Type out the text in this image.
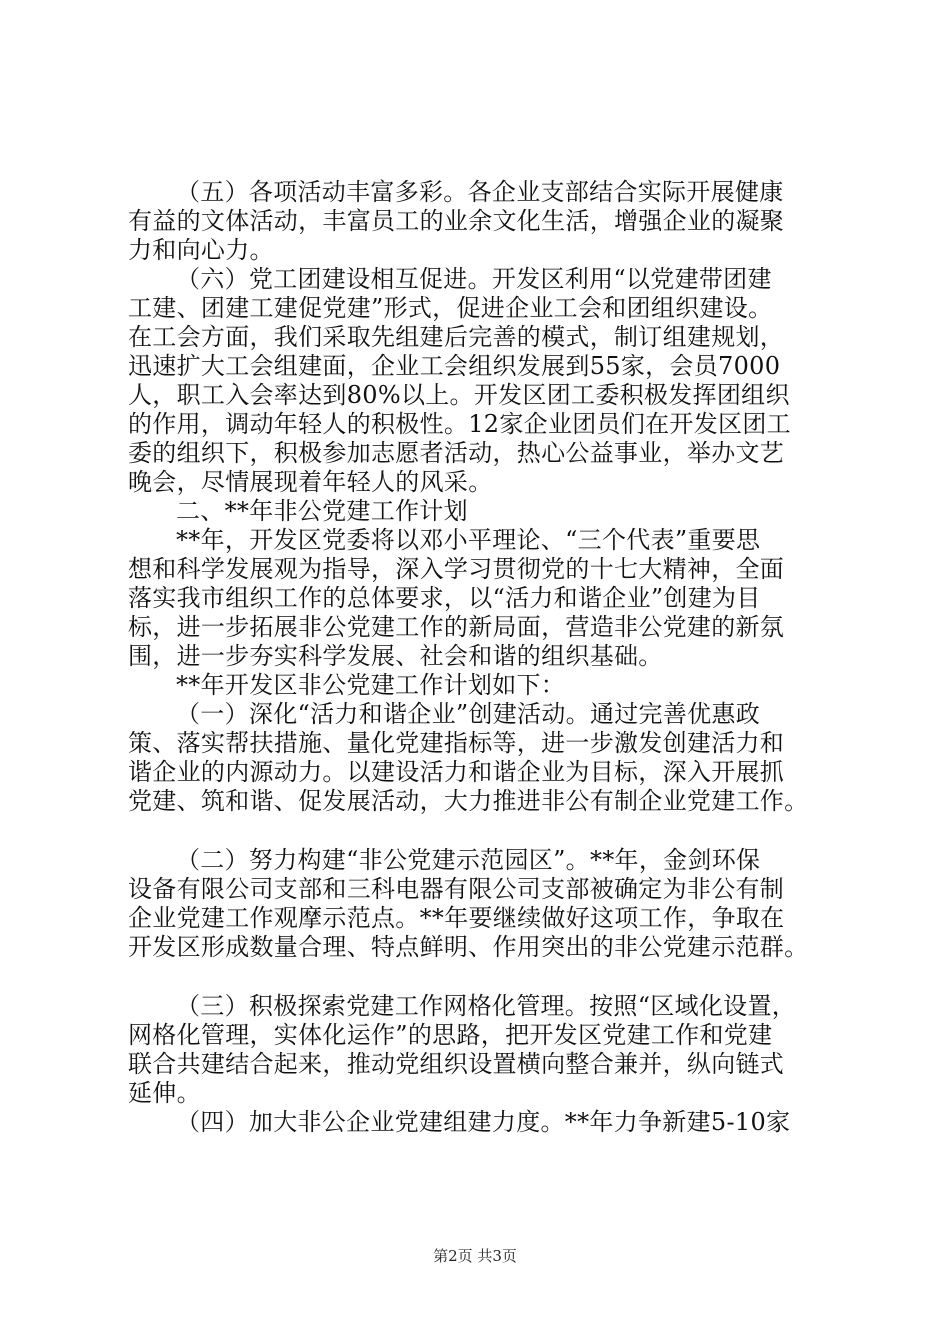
（五）各项活动丰富多彩。各企业支部结合实际开展健康
有益的文体活动，丰富员工的业余文化生活，增强企业的凝聚
力和向心力。
（六）党工团建设相互促进。开发区利用“以党建带团建
工建、团建工建促党建”形式，促进企业工会和团组织建设。
在工会方面，我们采取先组建后完善的模式，制订组建规划，
迅速扩大工会组建面，企业工会组织发展到55家，会员7000
人，职工入会率达到80%以上。开发区团工委积极发挥团组织
的作用，调动年轻人的积极性。12家企业团员们在开发区团工
委的组织下，积极参加志愿者活动，热心公益事业，举办文艺
晚会，尽情展现着年轻人的风采。
二、**年非公党建工作计划
**年，开发区党委将以邓小平理论、“三个代表”重要思
想和科学发展观为指导，深入学习贯彻党的十七大精神，全面
落实我市组织工作的总体要求，以“活力和谐企业”创建为目
标，进一步拓展非公党建工作的新局面，营造非公党建的新氛
围，进一步夯实科学发展、社会和谐的组织基础。
**年开发区非公党建工作计划如下：
（一）深化“活力和谐企业”创建活动。通过完善优惠政
策、落实帮扶措施、量化党建指标等，进一步激发创建活力和
谐企业的内源动力。以建设活力和谐企业为目标，深入开展抓
党建、筑和谐、促发展活动，大力推进非公有制企业党建工作。
（二）努力构建“非公党建示范园区”。**年，金剑环保
设备有限公司支部和三科电器有限公司支部被确定为非公有制
企业党建工作观摩示范点。**年要继续做好这项工作，争取在
开发区形成数量合理、特点鲜明、作用突出的非公党建示范群。
（三）积极探索党建工作网格化管理。按照“区域化设置，
网格化管理，实体化运作”的思路，把开发区党建工作和党建
联合共建结合起来，推动党组织设置横向整合兼并，纵向链式
延伸。
（四）加大非公企业党建组建力度。**年力争新建5-10家
第2页 共3页
